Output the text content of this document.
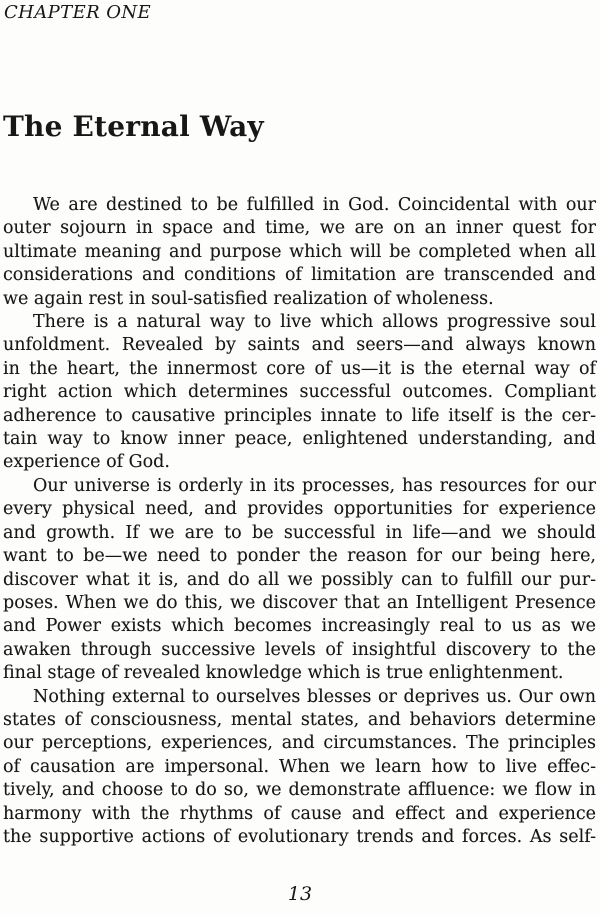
CHAPTER ONE
The Eternal Way
We are destined to be fulfilled in God. Coincidental with our
outer sojourn in space and time, we are on an inner quest for
ultimate meaning and purpose which will be completed when all
considerations and conditions of limitation are transcended and
we again rest in soul-satisfied realization of wholeness.
There is a natural way to live which allows progressive soul
unfoldment. Revealed by saints and seers—and always known
in the heart, the innermost core of us—it is the eternal way of
right action which determines successful outcomes. Compliant
adherence to causative principles innate to life itself is the cer-
tain way to know inner peace, enlightened understanding, and
experience of God.
Our universe is orderly in its processes, has resources for our
every physical need, and provides opportunities for experience
and growth. If we are to be successful in life—and we should
want to be—we need to ponder the reason for our being here,
discover what it is, and do all we possibly can to fulfill our pur-
poses. When we do this, we discover that an Intelligent Presence
and Power exists which becomes increasingly real to us as we
awaken through successive levels of insightful discovery to the
final stage of revealed knowledge which is true enlightenment.
Nothing external to ourselves blesses or deprives us. Our own
states of consciousness, mental states, and behaviors determine
our perceptions, experiences, and circumstances. The principles
of causation are impersonal. When we learn how to live effec-
tively, and choose to do so, we demonstrate affluence: we flow in
harmony with the rhythms of cause and effect and experience
the supportive actions of evolutionary trends and forces. As self-
13
